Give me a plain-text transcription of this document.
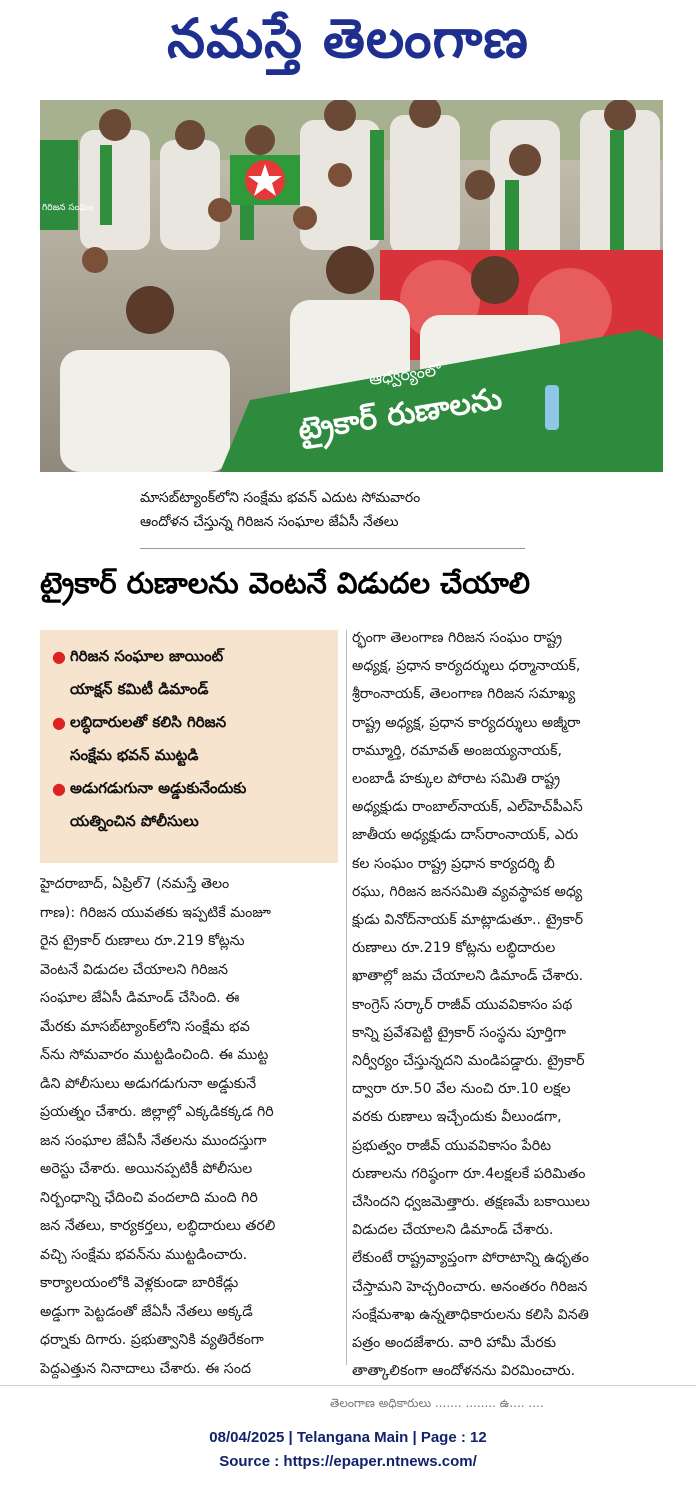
నమస్తే తెలంగాణ
ఆధ్వర్యంలో
ట్రైకార్ రుణాలను
గిరిజన సంఘం
మాసబ్‌ట్యాంక్‌లోని సంక్షేమ భవన్ ఎదుట సోమవారం
ఆందోళన చేస్తున్న గిరిజన సంఘాల జేఏసీ నేతలు
ట్రైకార్ రుణాలను వెంటనే విడుదల చేయాలి
● గిరిజన సంఘాల జాయింట్
యాక్షన్ కమిటీ డిమాండ్
● లబ్ధిదారులతో కలిసి గిరిజన
సంక్షేమ భవన్ ముట్టడి
● అడుగడుగునా అడ్డుకునేందుకు
యత్నించిన పోలీసులు
హైదరాబాద్, ఏప్రిల్7 (నమస్తే తెలం
గాణ): గిరిజన యువతకు ఇప్పటికే మంజూ
రైన ట్రైకార్ రుణాలు రూ.219 కోట్లను
వెంటనే విడుదల చేయాలని గిరిజన
సంఘాల జేఏసీ డిమాండ్ చేసింది. ఈ
మేరకు మాసబ్‌ట్యాంక్‌లోని సంక్షేమ భవ
న్‌ను సోమవారం ముట్టడించింది. ఈ ముట్ట
డిని పోలీసులు అడుగడుగునా అడ్డుకునే
ప్రయత్నం చేశారు. జిల్లాల్లో ఎక్కడికక్కడ గిరి
జన సంఘాల జేఏసీ నేతలను ముందస్తుగా
అరెస్టు చేశారు. అయినప్పటికీ పోలీసుల
నిర్బంధాన్ని ఛేదించి వందలాది మంది గిరి
జన నేతలు, కార్యకర్తలు, లబ్ధిదారులు తరలి
వచ్చి సంక్షేమ భవన్‌ను ముట్టడించారు.
కార్యాలయంలోకి వెళ్లకుండా బారికేడ్లు
అడ్డుగా పెట్టడంతో జేఏసీ నేతలు అక్కడే
ధర్నాకు దిగారు. ప్రభుత్వానికి వ్యతిరేకంగా
పెద్దఎత్తున నినాదాలు చేశారు. ఈ సంద
ర్భంగా తెలంగాణ గిరిజన సంఘం రాష్ట్ర
అధ్యక్ష, ప్రధాన కార్యదర్శులు ధర్మానాయక్,
శ్రీరాంనాయక్, తెలంగాణ గిరిజన సమాఖ్య
రాష్ట్ర అధ్యక్ష, ప్రధాన కార్యదర్శులు అజ్మీరా
రామ్మూర్తి, రమావత్ అంజయ్యనాయక్,
లంబాడీ హక్కుల పోరాట సమితి రాష్ట్ర
అధ్యక్షుడు రాంబాల్‌నాయక్, ఎల్‌హెచ్‌పీఎస్
జాతీయ అధ్యక్షుడు దాస్‌రాంనాయక్, ఎరు
కల సంఘం రాష్ట్ర ప్రధాన కార్యదర్శి బీ
రఘు, గిరిజన జనసమితి వ్యవస్థాపక అధ్య
క్షుడు వినోద్‌నాయక్ మాట్లాడుతూ.. ట్రైకార్
రుణాలు రూ.219 కోట్లను లబ్ధిదారుల
ఖాతాల్లో జమ చేయాలని డిమాండ్ చేశారు.
కాంగ్రెస్ సర్కార్ రాజీవ్ యువవికాసం పథ
కాన్ని ప్రవేశపెట్టి ట్రైకార్ సంస్థను పూర్తిగా
నిర్వీర్యం చేస్తున్నదని మండిపడ్డారు. ట్రైకార్
ద్వారా రూ.50 వేల నుంచి రూ.10 లక్షల
వరకు రుణాలు ఇచ్చేందుకు వీలుండగా,
ప్రభుత్వం రాజీవ్ యువవికాసం పేరిట
రుణాలను గరిష్ఠంగా రూ.4లక్షలకే పరిమితం
చేసిందని ధ్వజమెత్తారు. తక్షణమే బకాయిలు
విడుదల చేయాలని డిమాండ్ చేశారు.
లేకుంటే రాష్ట్రవ్యాప్తంగా పోరాటాన్ని ఉధృతం
చేస్తామని హెచ్చరించారు. అనంతరం గిరిజన
సంక్షేమశాఖ ఉన్నతాధికారులను కలిసి వినతి
పత్రం అందజేశారు. వారి హామీ మేరకు
తాత్కాలికంగా ఆందోళనను విరమించారు.
తెలంగాణ అధికారులు ....... ........ ఉ.... ....
08/04/2025 | Telangana Main | Page : 12
Source : https://epaper.ntnews.com/
